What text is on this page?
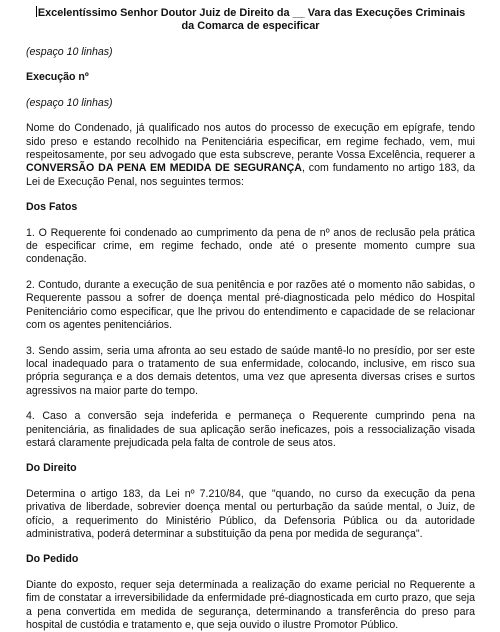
Excelentíssimo Senhor Doutor Juiz de Direito da __ Vara das Execuções Criminais
da Comarca de especificar

(espaço 10 linhas)

Execução nº

(espaço 10 linhas)

Nome do Condenado, já qualificado nos autos do processo de execução em epígrafe, tendo sido preso e estando recolhido na Penitenciária especificar, em regime fechado, vem, mui respeitosamente, por seu advogado que esta subscreve, perante Vossa Excelência, requerer a CONVERSÃO DA PENA EM MEDIDA DE SEGURANÇA, com fundamento no artigo 183, da Lei de Execução Penal, nos seguintes termos:

Dos Fatos

1. O Requerente foi condenado ao cumprimento da pena de nº anos de reclusão pela prática de especificar crime, em regime fechado, onde até o presente momento cumpre sua condenação.

2. Contudo, durante a execução de sua penitência e por razões até o momento não sabidas, o Requerente passou a sofrer de doença mental pré-diagnosticada pelo médico do Hospital Penitenciário como especificar, que lhe privou do entendimento e capacidade de se relacionar com os agentes penitenciários.

3. Sendo assim, seria uma afronta ao seu estado de saúde mantê-lo no presídio, por ser este local inadequado para o tratamento de sua enfermidade, colocando, inclusive, em risco sua própria segurança e a dos demais detentos, uma vez que apresenta diversas crises e surtos agressivos na maior parte do tempo.

4. Caso a conversão seja indeferida e permaneça o Requerente cumprindo pena na penitenciária, as finalidades de sua aplicação serão ineficazes, pois a ressocialização visada estará claramente prejudicada pela falta de controle de seus atos.

Do Direito

Determina o artigo 183, da Lei nº 7.210/84, que "quando, no curso da execução da pena privativa de liberdade, sobrevier doença mental ou perturbação da saúde mental, o Juiz, de ofício, a requerimento do Ministério Público, da Defensoria Pública ou da autoridade administrativa, poderá determinar a substituição da pena por medida de segurança".

Do Pedido

Diante do exposto, requer seja determinada a realização do exame pericial no Requerente a fim de constatar a irreversibilidade da enfermidade pré-diagnosticada em curto prazo, que seja a pena convertida em medida de segurança, determinando a transferência do preso para hospital de custódia e tratamento e, que seja ouvido o ilustre Promotor Público.
